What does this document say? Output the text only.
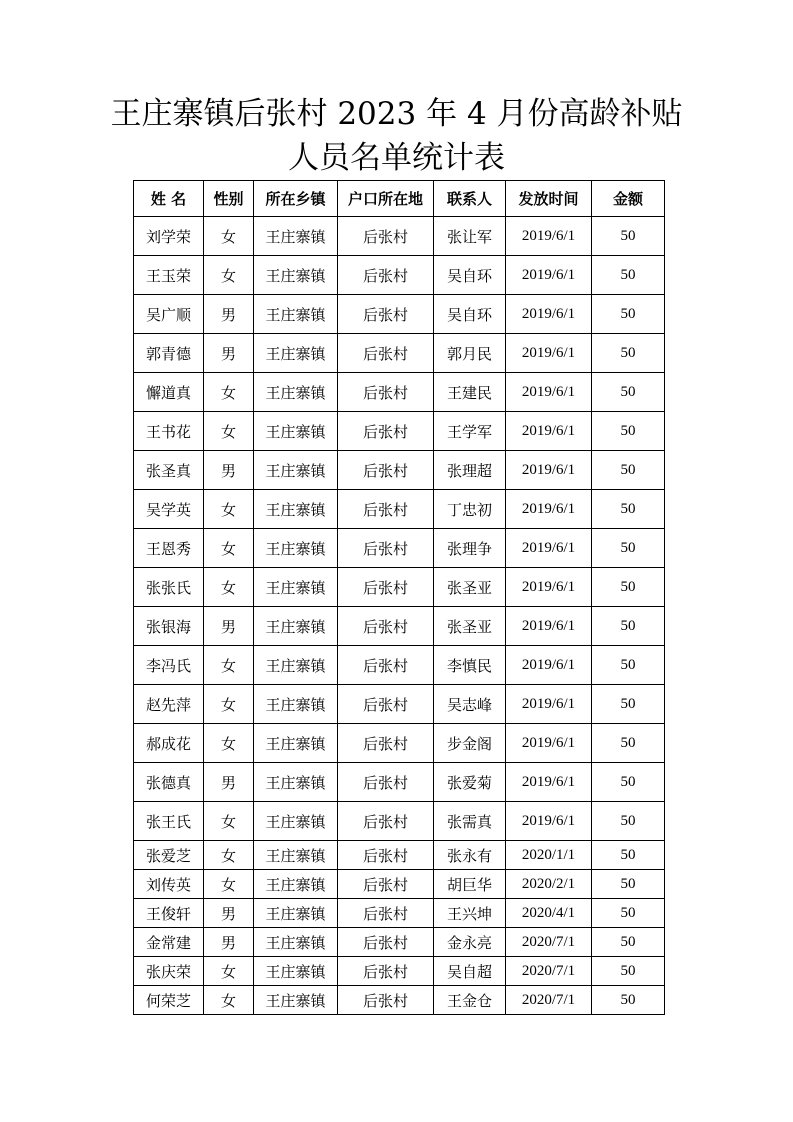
王庄寨镇后张村 2023 年 4 月份高龄补贴
人员名单统计表
姓 名	性别	所在乡镇	户口所在地	联系人	发放时间	金额
刘学荣	女	王庄寨镇	后张村	张让军	2019/6/1	50
王玉荣	女	王庄寨镇	后张村	吴自环	2019/6/1	50
吴广顺	男	王庄寨镇	后张村	吴自环	2019/6/1	50
郭青德	男	王庄寨镇	后张村	郭月民	2019/6/1	50
懈道真	女	王庄寨镇	后张村	王建民	2019/6/1	50
王书花	女	王庄寨镇	后张村	王学军	2019/6/1	50
张圣真	男	王庄寨镇	后张村	张理超	2019/6/1	50
吴学英	女	王庄寨镇	后张村	丁忠初	2019/6/1	50
王恩秀	女	王庄寨镇	后张村	张理争	2019/6/1	50
张张氏	女	王庄寨镇	后张村	张圣亚	2019/6/1	50
张银海	男	王庄寨镇	后张村	张圣亚	2019/6/1	50
李冯氏	女	王庄寨镇	后张村	李慎民	2019/6/1	50
赵先萍	女	王庄寨镇	后张村	吴志峰	2019/6/1	50
郝成花	女	王庄寨镇	后张村	步金阁	2019/6/1	50
张德真	男	王庄寨镇	后张村	张爱菊	2019/6/1	50
张王氏	女	王庄寨镇	后张村	张需真	2019/6/1	50
张爱芝	女	王庄寨镇	后张村	张永有	2020/1/1	50
刘传英	女	王庄寨镇	后张村	胡巨华	2020/2/1	50
王俊轩	男	王庄寨镇	后张村	王兴坤	2020/4/1	50
金常建	男	王庄寨镇	后张村	金永亮	2020/7/1	50
张庆荣	女	王庄寨镇	后张村	吴自超	2020/7/1	50
何荣芝	女	王庄寨镇	后张村	王金仓	2020/7/1	50
